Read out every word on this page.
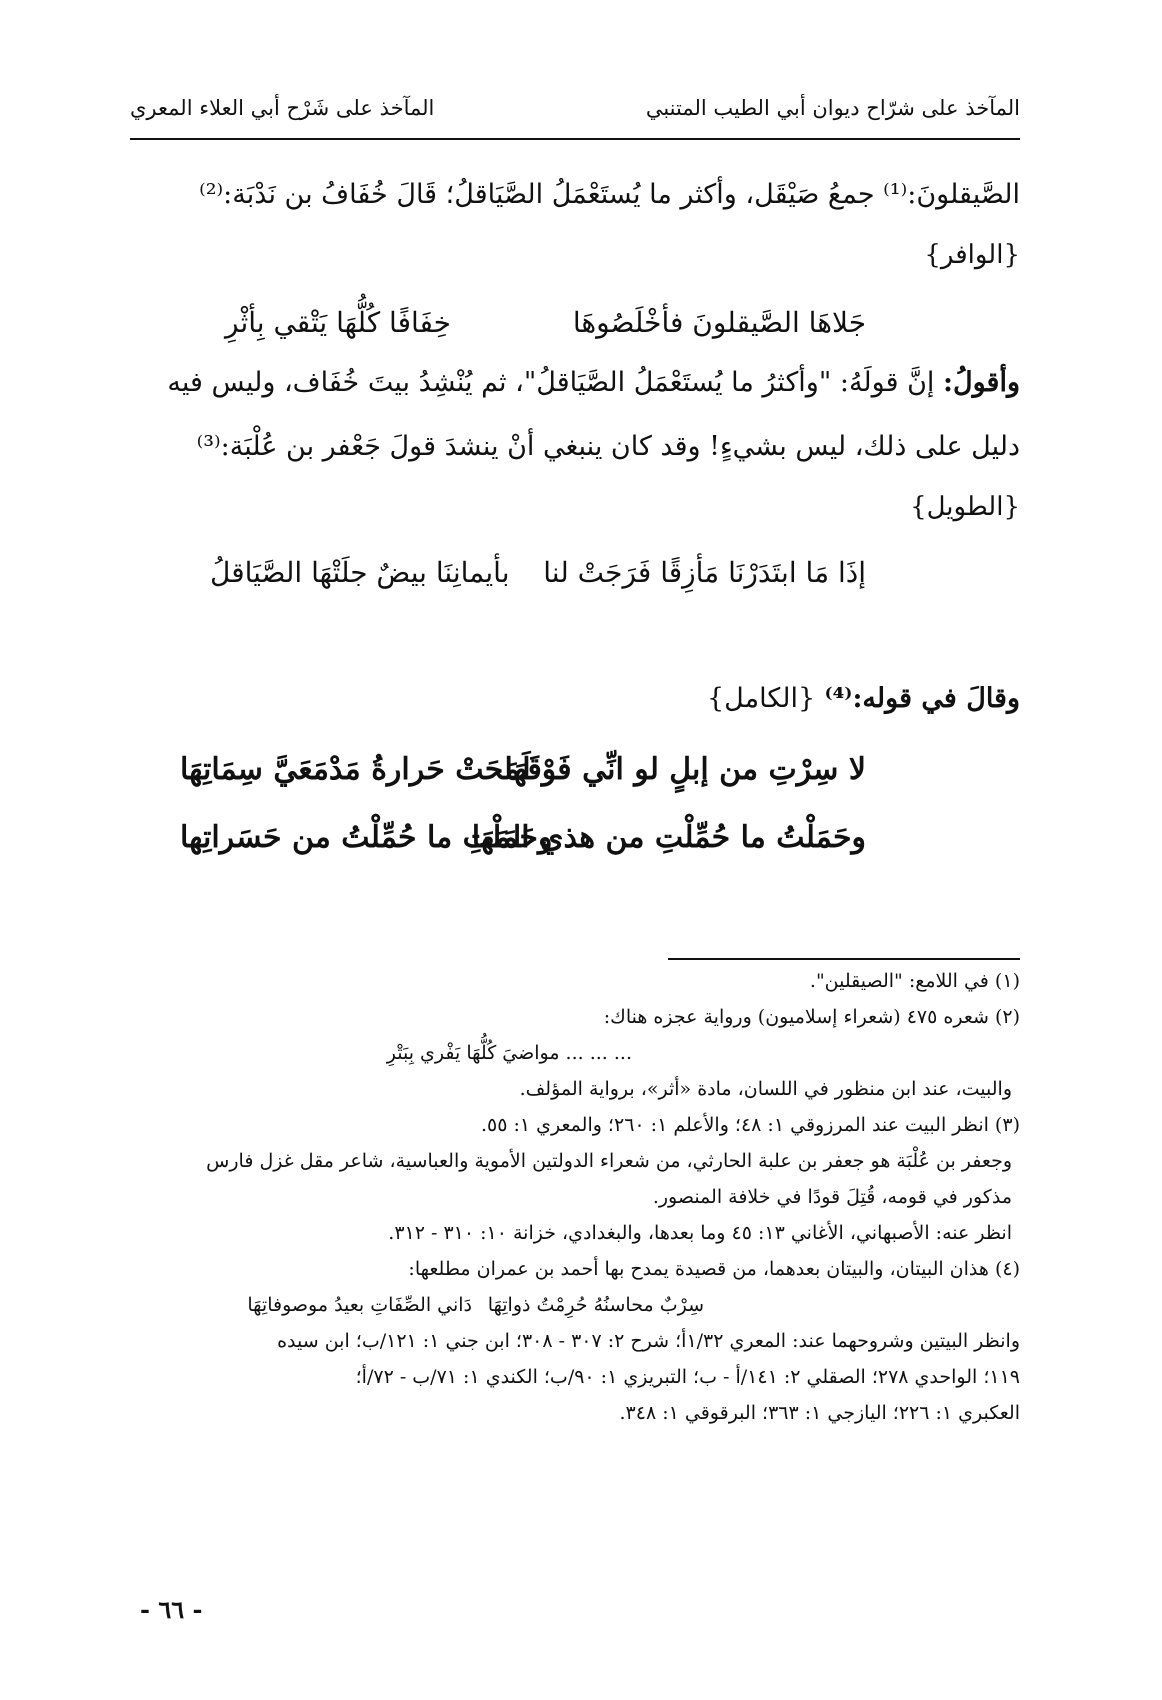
المآخذ على شرّاح ديوان أبي الطيب المتنبي
المآخذ على شَرْح أبي العلاء المعري
الصَّيقلونَ:⁽¹⁾ جمعُ صَيْقَل، وأكثر ما يُستَعْمَلُ الصَّيَاقلُ؛ قَالَ خُفَافُ بن نَدْبَة:⁽²⁾
{الوافر}
جَلاهَا الصَّيقلونَ فأخْلَصُوهَا
خِفَافًا كُلُّهَا يَتْقي بِأثْرِ
وأقولُ: إنَّ قولَهُ: "وأكثرُ ما يُستَعْمَلُ الصَّيَاقلُ"، ثم يُنْشِدُ بيتَ خُفَاف، وليس فيه
دليل على ذلك، ليس بشيءٍ! وقد كان ينبغي أنْ ينشدَ قولَ جَعْفر بن عُلْبَة:⁽³⁾
{الطويل}
إذَا مَا ابتَدَرْنَا مَأزِقًا فَرَجَتْ لنا
بأيمانِنَا بيضٌ جلَتْهَا الصَّيَاقلُ
وقالَ في قوله:⁽⁴⁾ {الكامل}
لا سِرْتِ من إبلٍ لو انِّي فَوْقَهَا
لَمَحَتْ حَرارةُ مَدْمَعَيَّ سِمَاتِهَا
وحَمَلْتُ ما حُمِّلْتِ من هذي المَهَا
وحَمَلْتِ ما حُمِّلْتُ من حَسَراتِها
(١) في اللامع: "الصيقلين".
(٢) شعره ٤٧٥ (شعراء إسلاميون) ورواية عجزه هناك:
... ... ... مواضيَ كُلُّهَا يَفْري بِبَتْرِ
والبيت، عند ابن منظور في اللسان، مادة «أثر»، برواية المؤلف.
(٣) انظر البيت عند المرزوقي ١: ٤٨؛ والأعلم ١: ٢٦٠؛ والمعري ١: ٥٥.
وجعفر بن عُلْبَة هو جعفر بن علبة الحارثي، من شعراء الدولتين الأموية والعباسية، شاعر مقل غزل فارس
مذكور في قومه، قُتِلَ قودًا في خلافة المنصور.
انظر عنه: الأصبهاني، الأغاني ١٣: ٤٥ وما بعدها، والبغدادي، خزانة ١٠: ٣١٠ - ٣١٢.
(٤) هذان البيتان، والبيتان بعدهما، من قصيدة يمدح بها أحمد بن عمران مطلعها:
سِرْبٌ محاسنُهُ حُرِمْتُ ذواتِهَا
دَاني الصِّفَاتِ بعيدُ موصوفاتِهَا
وانظر البيتين وشروحهما عند: المعري ١/٣٢أ؛ شرح ٢: ٣٠٧ - ٣٠٨؛ ابن جني ١: ١٢١/ب؛ ابن سيده
١١٩؛ الواحدي ٢٧٨؛ الصقلي ٢: ١٤١/أ - ب؛ التبريزي ١: ٩٠/ب؛ الكندي ١: ٧١/ب - ٧٢/أ؛
العكبري ١: ٢٢٦؛ اليازجي ١: ٣٦٣؛ البرقوقي ١: ٣٤٨.
- ٦٦ -
